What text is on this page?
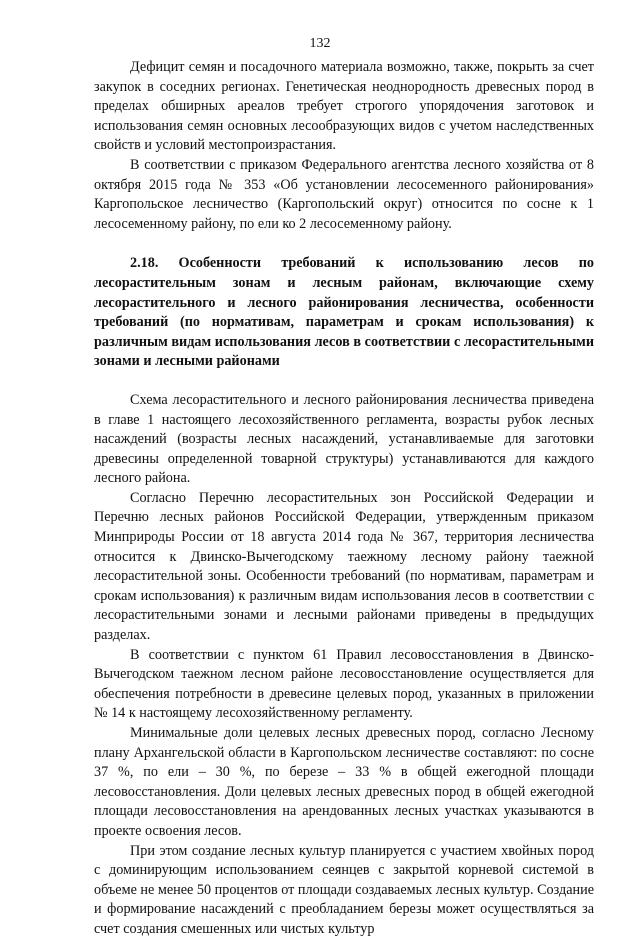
132

Дефицит семян и посадочного материала возможно, также, покрыть за счет закупок в соседних регионах. Генетическая неоднородность древесных пород в пределах обширных ареалов требует строгого упорядочения заготовок и использования семян основных лесообразующих видов с учетом наследственных свойств и условий местопроизрастания.

В соответствии с приказом Федерального агентства лесного хозяйства от 8 октября 2015 года № 353 «Об установлении лесосеменного районирования» Каргопольское лесничество (Каргопольский округ) относится по сосне к 1 лесосеменному району, по ели ко 2 лесосеменному району.

2.18. Особенности требований к использованию лесов по лесорастительным зонам и лесным районам, включающие схему лесорастительного и лесного районирования лесничества, особенности требований (по нормативам, параметрам и срокам использования) к различным видам использования лесов в соответствии с лесорастительными зонами и лесными районами

Схема лесорастительного и лесного районирования лесничества приведена в главе 1 настоящего лесохозяйственного регламента, возрасты рубок лесных насаждений (возрасты лесных насаждений, устанавливаемые для заготовки древесины определенной товарной структуры) устанавливаются для каждого лесного района.

Согласно Перечню лесорастительных зон Российской Федерации и Перечню лесных районов Российской Федерации, утвержденным приказом Минприроды России от 18 августа 2014 года № 367, территория лесничества относится к Двинско-Вычегодскому таежному лесному району таежной лесорастительной зоны. Особенности требований (по нормативам, параметрам и срокам использования) к различным видам использования лесов в соответствии с лесорастительными зонами и лесными районами приведены в предыдущих разделах.

В соответствии с пунктом 61 Правил лесовосстановления в Двинско-Вычегодском таежном лесном районе лесовосстановление осуществляется для обеспечения потребности в древесине целевых пород, указанных в приложении № 14 к настоящему лесохозяйственному регламенту.

Минимальные доли целевых лесных древесных пород, согласно Лесному плану Архангельской области в Каргопольском лесничестве составляют: по сосне 37 %, по ели – 30 %, по березе – 33 % в общей ежегодной площади лесовосстановления. Доли целевых лесных древесных пород в общей ежегодной площади лесовосстановления на арендованных лесных участках указываются в проекте освоения лесов.

При этом создание лесных культур планируется с участием хвойных пород с доминирующим использованием сеянцев с закрытой корневой системой в объеме не менее 50 процентов от площади создаваемых лесных культур. Создание и формирование насаждений с преобладанием березы может осуществляться за счет создания смешенных или чистых культур
